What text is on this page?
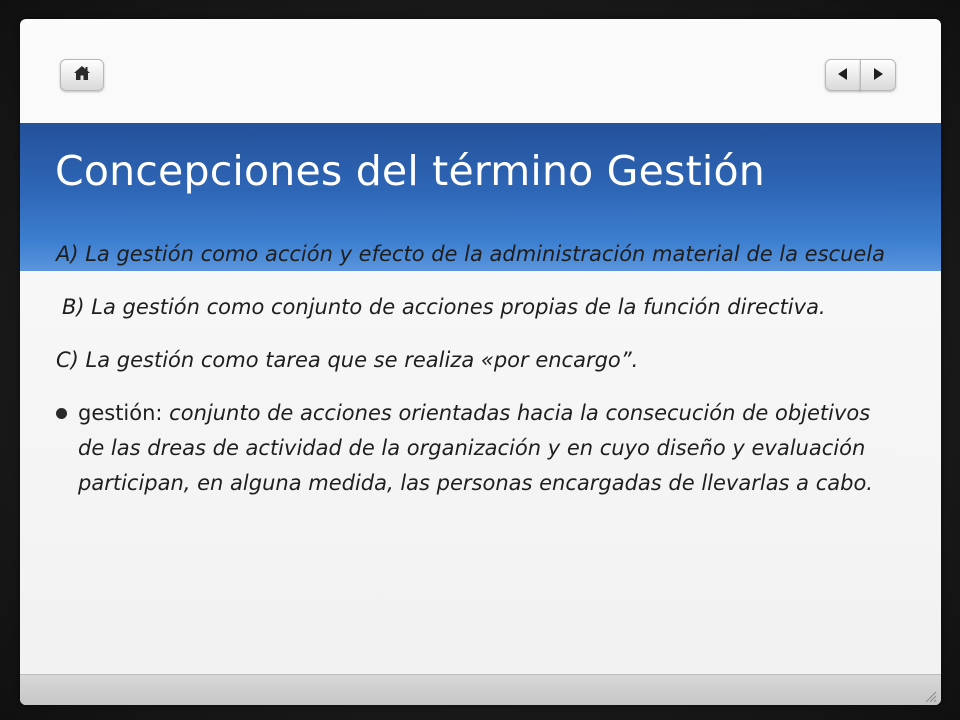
Concepciones del término Gestión

A) La gestión como acción y efecto de la administración material de la escuela

B) La gestión como conjunto de acciones propias de la función directiva.

C) La gestión como tarea que se realiza «por encargo”.

gestión: conjunto de acciones orientadas hacia la consecución de objetivos de las dreas de actividad de la organización y en cuyo diseño y evaluación participan, en alguna medida, las personas encargadas de llevarlas a cabo.
